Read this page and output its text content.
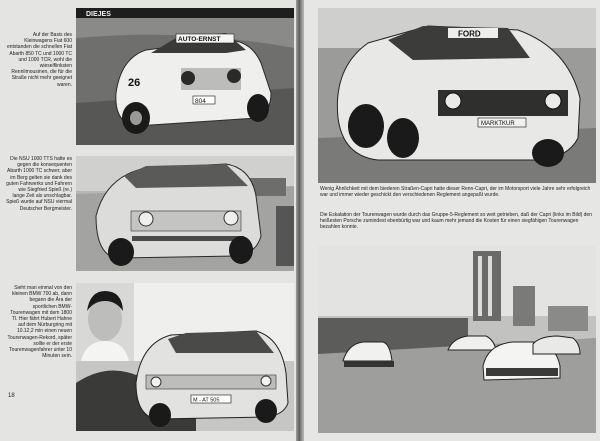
DIEJES
AUTO-ERNST
26
804
Auf der Basis des Kleinwagens Fiat 600 entstanden die schnellen Fiat Abarth 850 TC und 1000 TC und 1000 TCR, wohl die wieselflinksten Rennlimousinen, die für die Straße nicht mehr geeignet waren.
Die NSU 1000 TTS hatte es gegen die konsequenten Abarth 1000 TC schwer, aber im Berg gelten sie dank des guten Fahrwerks und Fahrern wie Siegfried Spieß (re.) lange Zeit als unschlagbar. Spieß wurde auf NSU viermal Deutscher Bergmeister.
M - AT 505
Sieht man einmal von den kleinen BMW 700 ab, dann begann die Ära der sportlichen BMW-Tourenwagen mit dem 1800 TI. Hier fährt Hubert Hahne auf dem Nürburgring mit 10.12,2 min einen neuen Tourenwagen-Rekord, später sollte er der erste Tourenwagenfahrer unter 10 Minuten sein.
18
FORD
MARKTKUR
Wenig Ähnlichkeit mit dem biederen Straßen-Capri hatte dieser Renn-Capri, der im Motorsport viele Jahre sehr erfolgreich war und immer wieder geschickt den verschiedenen Reglement angepaßt wurde.
Die Eskalation der Tourenwagen wurde durch das Gruppe-5-Reglement so weit getrieben, daß der Capri (links im Bild) den heißesten Porsche zumindest ebenbürtig war und kaum mehr jemand die Kosten für einen siegfähigen Tourenwagen bezahlen konnte.
